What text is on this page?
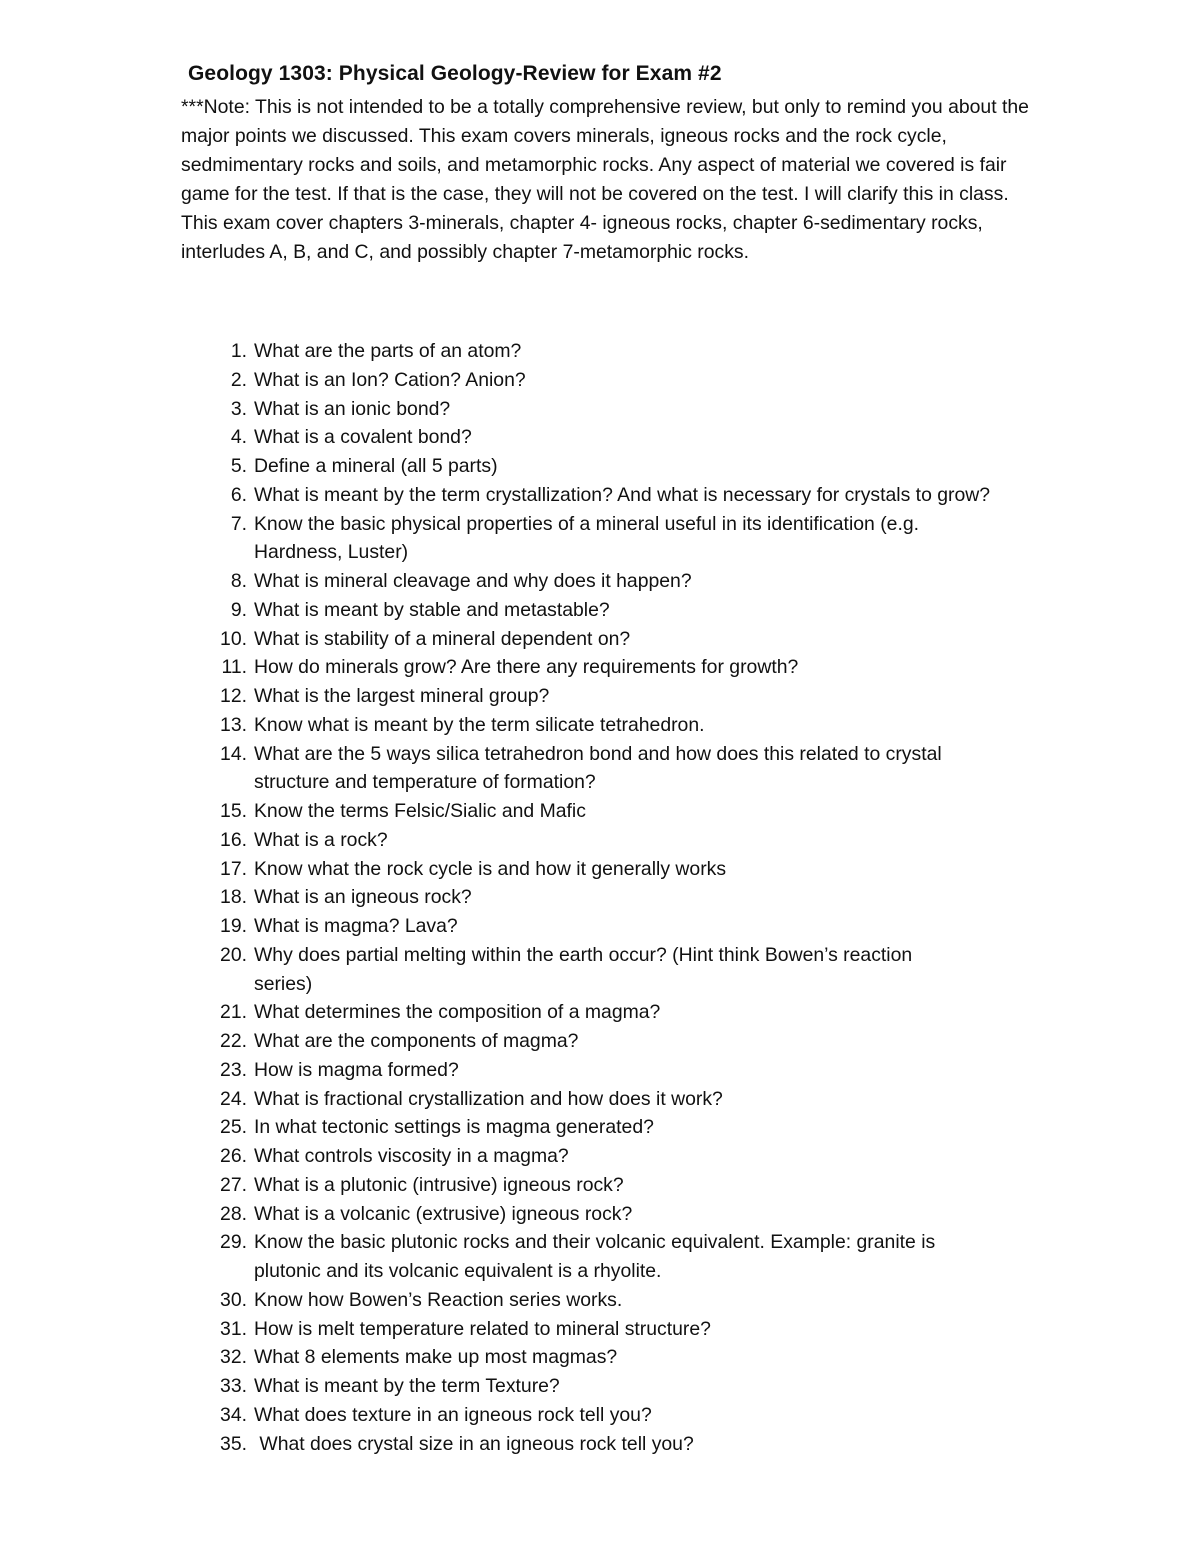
Geology 1303: Physical Geology-Review for Exam #2

***Note: This is not intended to be a totally comprehensive review, but only to remind you about the major points we discussed. This exam covers minerals, igneous rocks and the rock cycle, sedmimentary rocks and soils, and metamorphic rocks. Any aspect of material we covered is fair game for the test. If that is the case, they will not be covered on the test. I will clarify this in class. This exam cover chapters 3-minerals, chapter 4- igneous rocks, chapter 6-sedimentary rocks, interludes A, B, and C, and possibly chapter 7-metamorphic rocks.

1. What are the parts of an atom?
2. What is an Ion? Cation? Anion?
3. What is an ionic bond?
4. What is a covalent bond?
5. Define a mineral (all 5 parts)
6. What is meant by the term crystallization? And what is necessary for crystals to grow?
7. Know the basic physical properties of a mineral useful in its identification (e.g. Hardness, Luster)
8. What is mineral cleavage and why does it happen?
9. What is meant by stable and metastable?
10. What is stability of a mineral dependent on?
11. How do minerals grow? Are there any requirements for growth?
12. What is the largest mineral group?
13. Know what is meant by the term silicate tetrahedron.
14. What are the 5 ways silica tetrahedron bond and how does this related to crystal structure and temperature of formation?
15. Know the terms Felsic/Sialic and Mafic
16. What is a rock?
17. Know what the rock cycle is and how it generally works
18. What is an igneous rock?
19. What is magma? Lava?
20. Why does partial melting within the earth occur? (Hint think Bowen’s reaction series)
21. What determines the composition of a magma?
22. What are the components of magma?
23. How is magma formed?
24. What is fractional crystallization and how does it work?
25. In what tectonic settings is magma generated?
26. What controls viscosity in a magma?
27. What is a plutonic (intrusive) igneous rock?
28. What is a volcanic (extrusive) igneous rock?
29. Know the basic plutonic rocks and their volcanic equivalent. Example: granite is plutonic and its volcanic equivalent is a rhyolite.
30. Know how Bowen’s Reaction series works.
31. How is melt temperature related to mineral structure?
32. What 8 elements make up most magmas?
33. What is meant by the term Texture?
34. What does texture in an igneous rock tell you?
35. What does crystal size in an igneous rock tell you?
